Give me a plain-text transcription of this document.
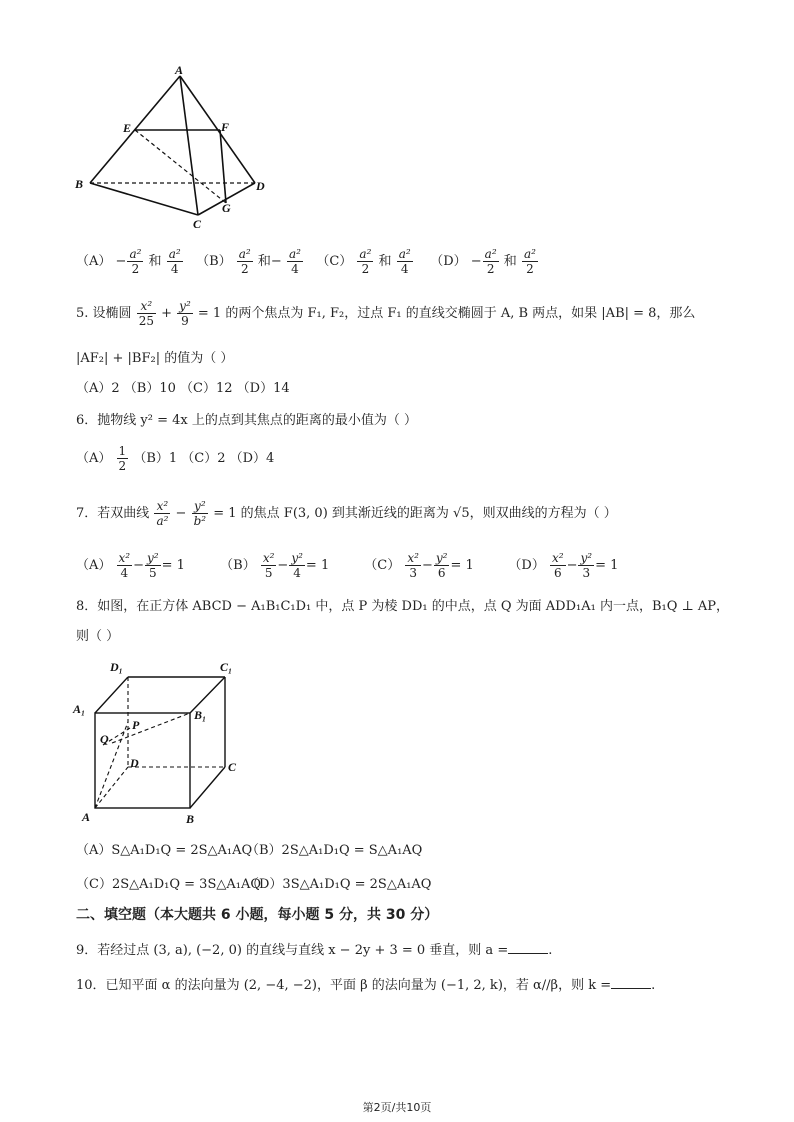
A
E	F
B	D
C
G
$(A) - \frac{\text{a²}}{2}$ 和 $\frac{\text{a²}}{4} (B) \frac{\text{a²}}{2}$ 和− $\frac{\text{a²}}{4} (C) \frac{\text{a²}}{2}$ 和 $\frac{\text{a²}}{4} (D) - \frac{\text{a²}}{2}$ 和 $\frac{\text{a²}}{2}$
5. 设椭圆 $\frac{\text{x²}}{25} + \frac{\text{y²}}{9} = 1$ 的两个焦点为 F₁, F₂，过点 F₁ 的直线交椭圆于 A, B 两点，如果 |AB| = 8，那么
|AF₂| + |BF₂| 的值为（ ）
（A）2 （B）10 （C）12 （D）14
6．抛物线 y² = 4x 上的点到其焦点的距离的最小值为（ ）
$(A) \frac{1}{2} (B)1$ （C）2 （D）4
7．若双曲线 $\frac{\text{x²}}{\text{a²}} - \frac{\text{y²}}{\text{b²}} = 1$ 的焦点 F(3, 0) 到其渐近线的距离为 √5，则双曲线的方程为（ ）
$(A) \frac{\text{x²}}{4} - \frac{\text{y²}}{5} = 1$	$(B) \frac{\text{x²}}{5} - \frac{\text{y²}}{4} = 1$	$(C) \frac{\text{x²}}{3} - \frac{\text{y²}}{6} = 1$	$(D) \frac{\text{x²}}{6} - \frac{\text{y²}}{3} = 1$
8．如图，在正方体 ABCD − A₁B₁C₁D₁ 中，点 P 为棱 DD₁ 的中点，点 Q 为面 ADD₁A₁ 内一点，B₁Q ⊥ AP，
则（ ）
D₁	C₁
A₁	B₁
P
Q
D	C
A	B
（A）S△A₁D₁Q = 2S△A₁AQ
（B）2S△A₁D₁Q = S△A₁AQ
（C）2S△A₁D₁Q = 3S△A₁AQ
（D）3S△A₁D₁Q = 2S△A₁AQ
二、填空题（本大题共 6 小题，每小题 5 分，共 30 分）
9．若经过点 (3, a), (−2, 0) 的直线与直线 x − 2y + 3 = 0 垂直，则 a =	.
10．已知平面 α 的法向量为 (2, −4, −2)，平面 β 的法向量为 (−1, 2, k)，若 α//β，则 k =	.
第2页/共10页
